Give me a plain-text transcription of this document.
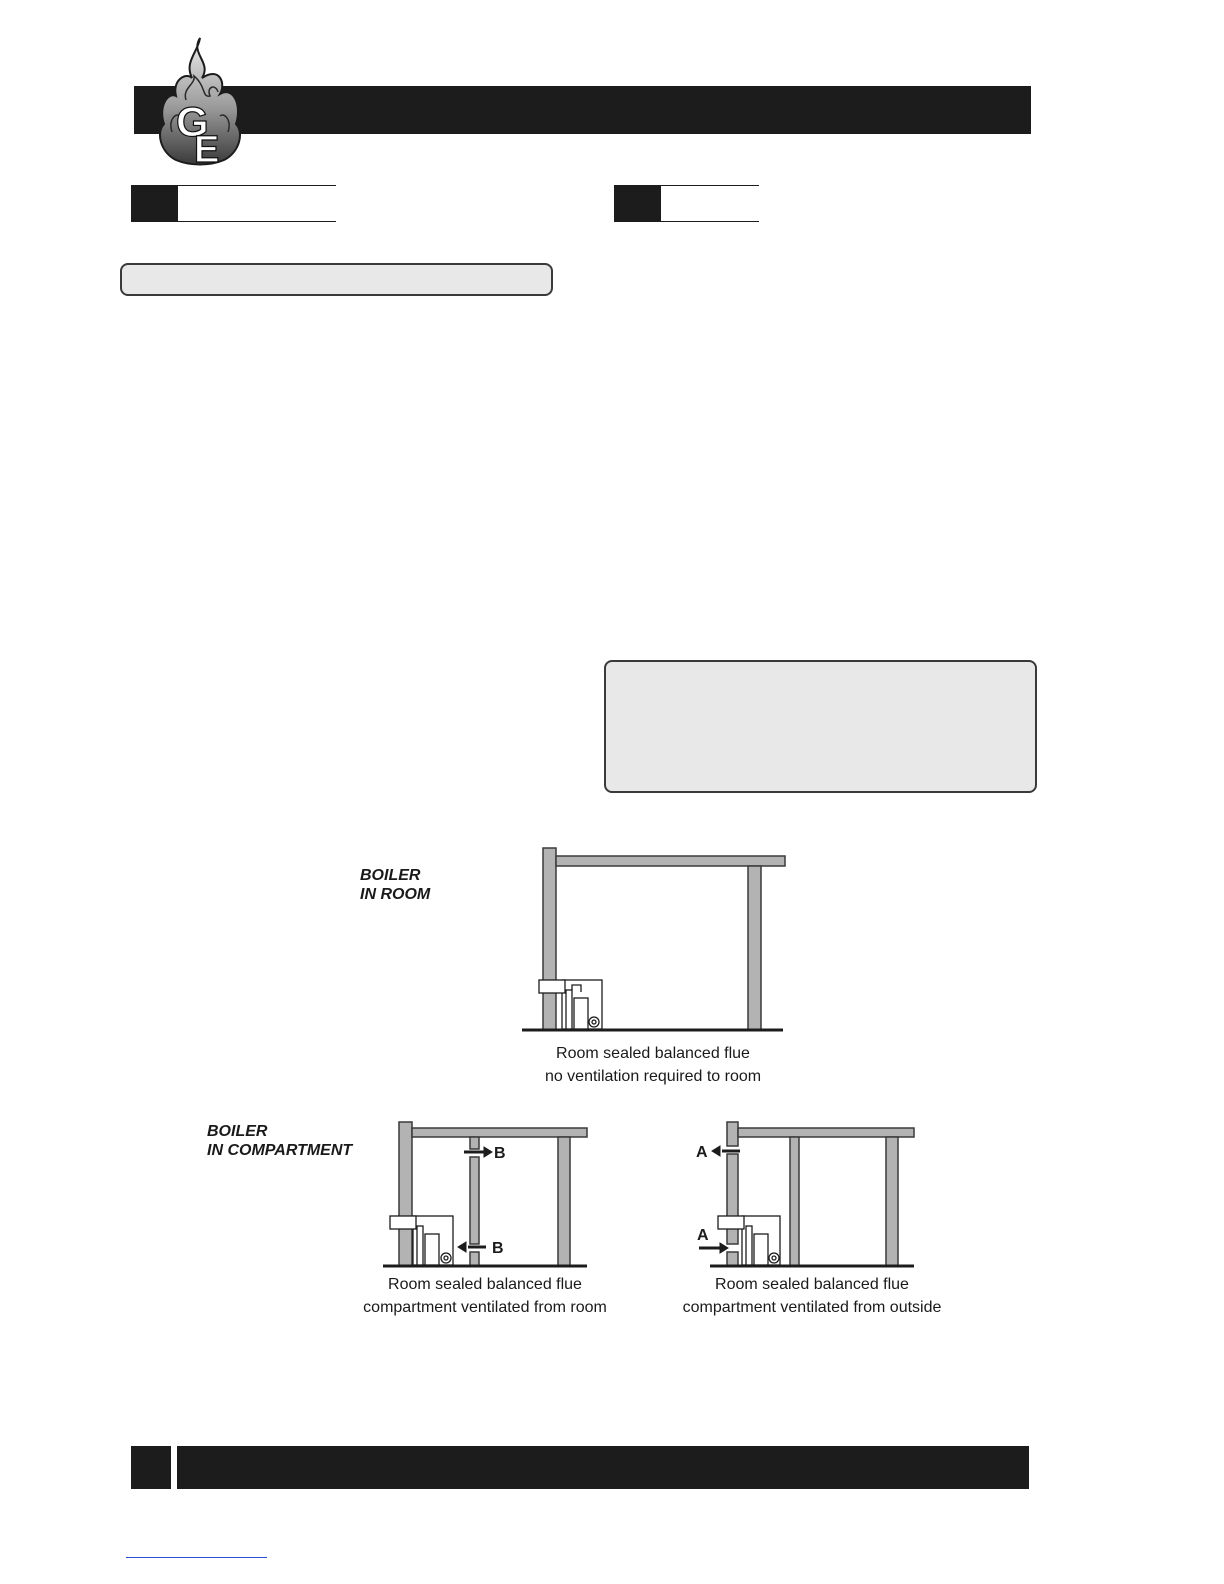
G
E
BOILER
IN ROOM
Room sealed balanced flue
no ventilation required to room
BOILER
IN COMPARTMENT	B
B
Room sealed balanced flue
compartment ventilated from room
A
A
Room sealed balanced flue
compartment ventilated from outside
